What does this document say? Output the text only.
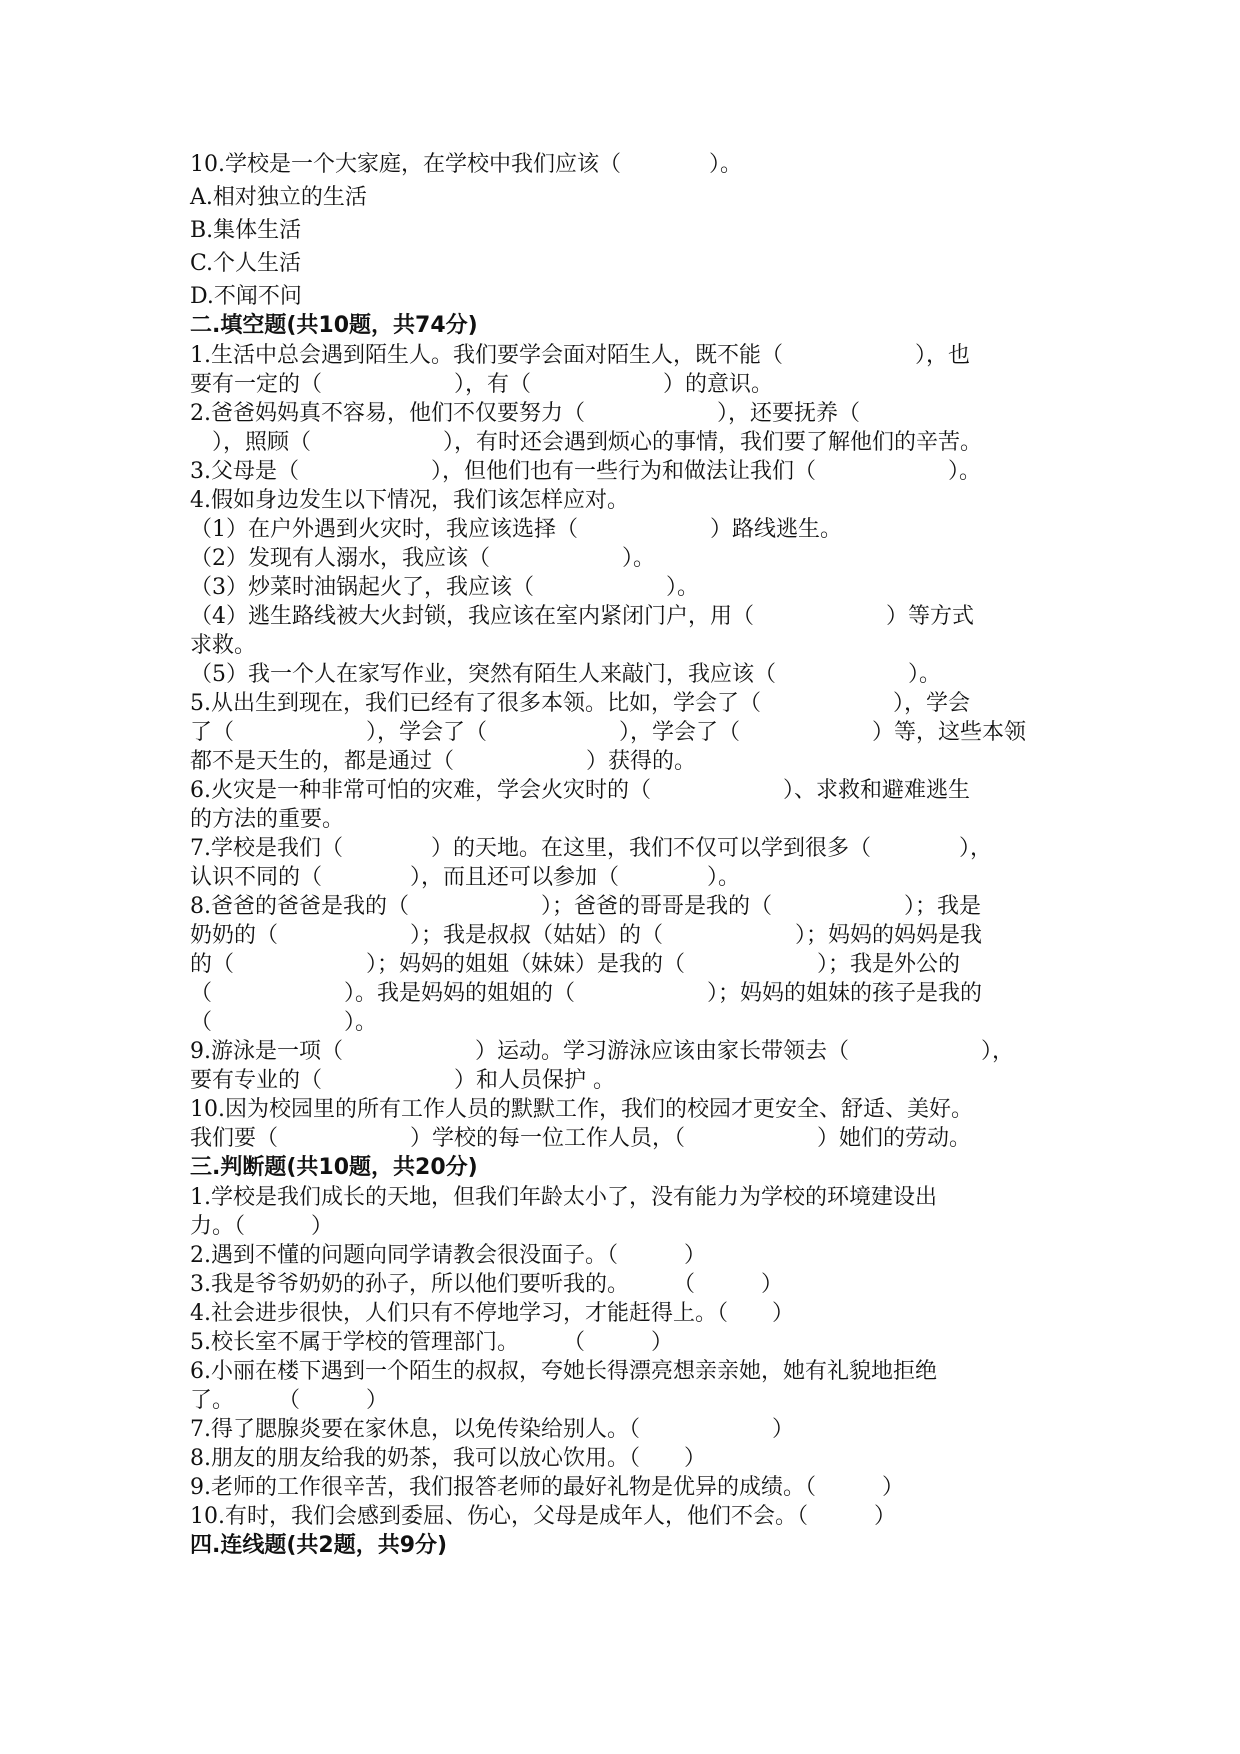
10.学校是一个大家庭，在学校中我们应该（　　　　）。
A.相对独立的生活
B.集体生活
C.个人生活
D.不闻不问
二.填空题(共10题，共74分)
1.生活中总会遇到陌生人。我们要学会面对陌生人，既不能（　　　　　　），也
要有一定的（　　　　　　），有（　　　　　　）的意识。
2.爸爸妈妈真不容易，他们不仅要努力（　　　　　　），还要抚养（
　），照顾（　　　　　　），有时还会遇到烦心的事情，我们要了解他们的辛苦。
3.父母是（　　　　　　），但他们也有一些行为和做法让我们（　　　　　　）。
4.假如身边发生以下情况，我们该怎样应对。
（1）在户外遇到火灾时，我应该选择（　　　　　　）路线逃生。
（2）发现有人溺水，我应该（　　　　　　）。
（3）炒菜时油锅起火了，我应该（　　　　　　）。
（4）逃生路线被大火封锁，我应该在室内紧闭门户，用（　　　　　　）等方式
求救。
（5）我一个人在家写作业，突然有陌生人来敲门，我应该（　　　　　　）。
5.从出生到现在，我们已经有了很多本领。比如，学会了（　　　　　　），学会
了（　　　　　　），学会了（　　　　　　），学会了（　　　　　　）等，这些本领
都不是天生的，都是通过（　　　　　　）获得的。
6.火灾是一种非常可怕的灾难，学会火灾时的（　　　　　　）、求救和避难逃生
的方法的重要。
7.学校是我们（　　　　）的天地。在这里，我们不仅可以学到很多（　　　　），
认识不同的（　　　　），而且还可以参加（　　　　）。
8.爸爸的爸爸是我的（　　　　　　）；爸爸的哥哥是我的（　　　　　　）；我是
奶奶的（　　　　　　）；我是叔叔（姑姑）的（　　　　　　）；妈妈的妈妈是我
的（　　　　　　）；妈妈的姐姐（妹妹）是我的（　　　　　　）；我是外公的
（　　　　　　）。我是妈妈的姐姐的（　　　　　　）；妈妈的姐妹的孩子是我的
（　　　　　　）。
9.游泳是一项（　　　　　　）运动。学习游泳应该由家长带领去（　　　　　　），
要有专业的（　　　　　　）和人员保护 。
10.因为校园里的所有工作人员的默默工作，我们的校园才更安全、舒适、美好。
我们要（　　　　　　）学校的每一位工作人员，（　　　　　　）她们的劳动。
三.判断题(共10题，共20分)
1.学校是我们成长的天地，但我们年龄太小了，没有能力为学校的环境建设出
力。（　　　）
2.遇到不懂的问题向同学请教会很没面子。（　　　）
3.我是爷爷奶奶的孙子，所以他们要听我的。　　　（　　　）
4.社会进步很快，人们只有不停地学习，才能赶得上。（　　）
5.校长室不属于学校的管理部门。　　　（　　　）
6.小丽在楼下遇到一个陌生的叔叔，夸她长得漂亮想亲亲她，她有礼貌地拒绝
了。　　　（　　　）
7.得了腮腺炎要在家休息，以免传染给别人。（　　　　　　）
8.朋友的朋友给我的奶茶，我可以放心饮用。（　　）
9.老师的工作很辛苦，我们报答老师的最好礼物是优异的成绩。（　　　）
10.有时，我们会感到委屈、伤心，父母是成年人，他们不会。（　　　）
四.连线题(共2题，共9分)
